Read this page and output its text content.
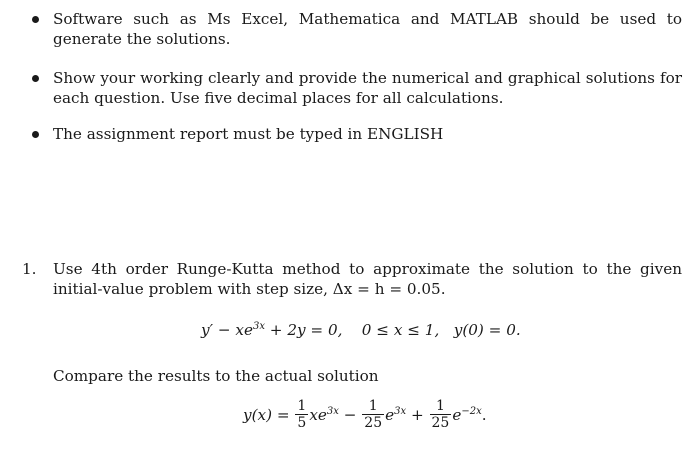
Software such as Ms Excel, Mathematica and MATLAB should be used to generate the solutions.
Show your working clearly and provide the numerical and graphical solutions for each question. Use five decimal places for all calculations.
The assignment report must be typed in ENGLISH
1. Use 4th order Runge-Kutta method to approximate the solution to the given initial-value problem with step size, Δx = h = 0.05.
$y' - xe^{3x} + 2y = 0$, 0 ≤ x ≤ 1, y(0) = 0.
Compare the results to the actual solution
$y(x) = \frac{1}{5} xe^{3x} - \frac{1}{25} e^{3x} + \frac{1}{25} e^{-2x}$.
